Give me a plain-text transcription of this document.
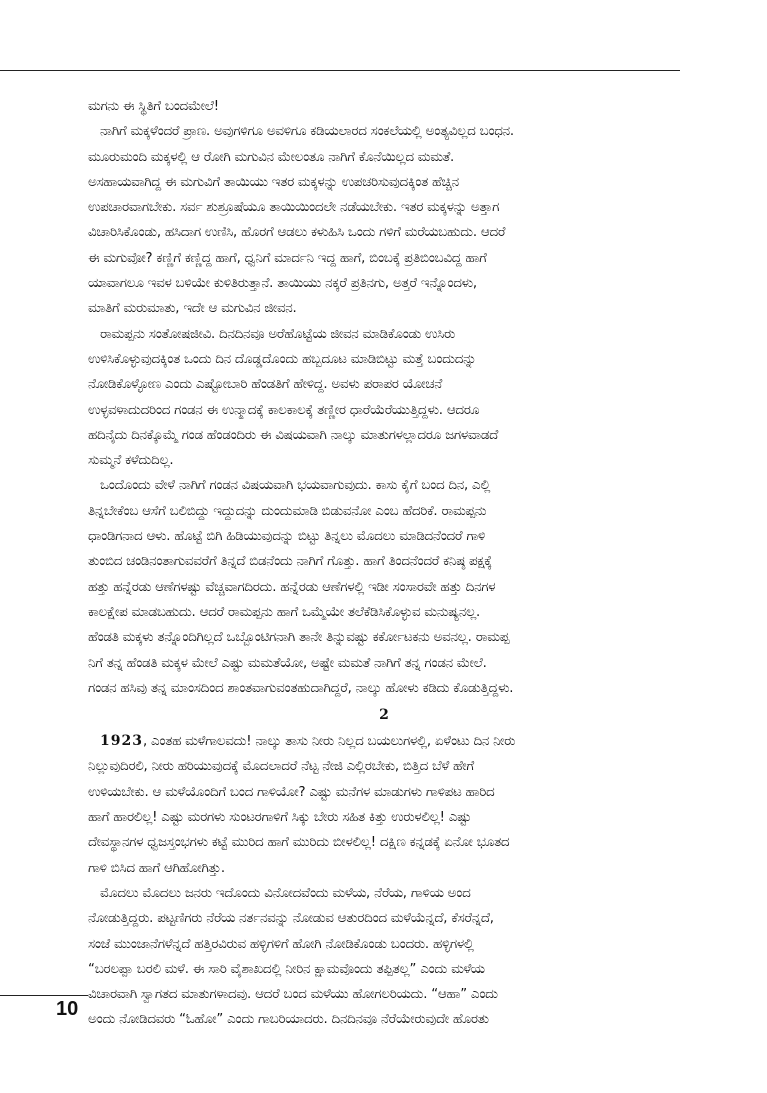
ಮಗನು ಈ ಸ್ಥಿತಿಗೆ ಬಂದಮೇಲೆ!
ನಾಗಿಗೆ ಮಕ್ಕಳೆಂದರೆ ಪ್ರಾಣ. ಅವುಗಳಿಗೂ ಅವಳಿಗೂ ಕಡಿಯಲಾರದ ಸಂಕಲೆಯಲ್ಲಿ ಅಂತ್ಯವಿಲ್ಲದ ಬಂಧನ.
ಮೂರುಮಂದಿ ಮಕ್ಕಳಲ್ಲಿ ಆ ರೋಗಿ ಮಗುವಿನ ಮೇಲಂತೂ ನಾಗಿಗೆ ಕೊನೆಯಿಲ್ಲದ ಮಮತೆ.
ಅಸಹಾಯವಾಗಿದ್ದ ಈ ಮಗುವಿಗೆ ತಾಯಿಯು ಇತರ ಮಕ್ಕಳನ್ನು ಉಪಚರಿಸುವುದಕ್ಕಿಂತ ಹೆಚ್ಚಿನ
ಉಪಚಾರವಾಗಬೇಕು. ಸರ್ವ ಶುಶ್ರೂಷೆಯೂ ತಾಯಿಯಿಂದಲೇ ನಡೆಯಬೇಕು. ಇತರ ಮಕ್ಕಳನ್ನು ಅತ್ತಾಗ
ವಿಚಾರಿಸಿಕೊಂಡು, ಹಸಿದಾಗ ಉಣಿಸಿ, ಹೊರಗೆ ಆಡಲು ಕಳುಹಿಸಿ ಒಂದು ಗಳಿಗೆ ಮರೆಯಬಹುದು. ಆದರೆ
ಈ ಮಗುವೋ? ಕಣ್ಣಿಗೆ ಕಣ್ಣಿದ್ದ ಹಾಗೆ, ಧ್ವನಿಗೆ ಮಾರ್ದನಿ ಇದ್ದ ಹಾಗೆ, ಬಿಂಬಕ್ಕೆ ಪ್ರತಿಬಿಂಬವಿದ್ದ ಹಾಗೆ
ಯಾವಾಗಲೂ ಇವಳ ಬಳಿಯೇ ಕುಳಿತಿರುತ್ತಾನೆ. ತಾಯಿಯು ನಕ್ಕರೆ ಪ್ರತಿನಗು, ಅತ್ತರೆ ಇನ್ನೊಂದಳು,
ಮಾತಿಗೆ ಮರುಮಾತು, ಇದೇ ಆ ಮಗುವಿನ ಜೀವನ.
ರಾಮಪ್ಪನು ಸಂತೋಷಜೀವಿ. ದಿನದಿನವೂ ಅರೆಹೊಟ್ಟೆಯ ಜೀವನ ಮಾಡಿಕೊಂಡು ಉಸಿರು
ಉಳಿಸಿಕೊಳ್ಳುವುದಕ್ಕಿಂತ ಒಂದು ದಿನ ದೊಡ್ಡದೊಂದು ಹಬ್ಬದೂಟ ಮಾಡಿಬಿಟ್ಟು ಮತ್ತೆ ಬಂದುದನ್ನು
ನೋಡಿಕೊಳ್ಳೋಣ ಎಂದು ಎಷ್ಟೋಬಾರಿ ಹೆಂಡತಿಗೆ ಹೇಳಿದ್ದ. ಅವಳು ಪರಾಪರ ಯೋಚನೆ
ಉಳ್ಳವಳಾದುದರಿಂದ ಗಂಡನ ಈ ಉನ್ಮಾದಕ್ಕೆ ಕಾಲಕಾಲಕ್ಕೆ ತಣ್ಣೀರ ಧಾರೆಯೆರೆಯುತ್ತಿದ್ದಳು. ಆದರೂ
ಹದಿನೈದು ದಿನಕ್ಕೊಮ್ಮೆ ಗಂಡ ಹೆಂಡಂದಿರು ಈ ವಿಷಯವಾಗಿ ನಾಲ್ಕು ಮಾತುಗಳಲ್ಲಾದರೂ ಜಗಳವಾಡದೆ
ಸುಮ್ಮನೆ ಕಳೆದುದಿಲ್ಲ.
ಒಂದೊಂದು ವೇಳೆ ನಾಗಿಗೆ ಗಂಡನ ವಿಷಯವಾಗಿ ಭಯವಾಗುವುದು. ಕಾಸು ಕೈಗೆ ಬಂದ ದಿನ, ಎಲ್ಲಿ
ತಿನ್ನಬೇಕೆಂಬ ಆಸೆಗೆ ಬಲಿಬಿದ್ದು ಇದ್ದುದನ್ನು ದುಂದುಮಾಡಿ ಬಿಡುವನೋ ಎಂಬ ಹೆದರಿಕೆ. ರಾಮಪ್ಪನು
ಧಾಂಡಿಗನಾದ ಆಳು. ಹೊಟ್ಟೆ ಬಿಗಿ ಹಿಡಿಯುವುದನ್ನು ಬಿಟ್ಟು ತಿನ್ನಲು ಮೊದಲು ಮಾಡಿದನೆಂದರೆ ಗಾಳಿ
ತುಂಬಿದ ಚಂಡಿನಂತಾಗುವವರೆಗೆ ತಿನ್ನದೆ ಬಿಡನೆಂದು ನಾಗಿಗೆ ಗೊತ್ತು. ಹಾಗೆ ತಿಂದನೆಂದರೆ ಕನಿಷ್ಠ ಪಕ್ಷಕ್ಕೆ
ಹತ್ತು ಹನ್ನೆರಡು ಆಣೆಗಳಷ್ಟು ವೆಚ್ಚವಾಗದಿರದು. ಹನ್ನೆರಡು ಆಣೆಗಳಲ್ಲಿ ಇಡೀ ಸಂಸಾರವೇ ಹತ್ತು ದಿನಗಳ
ಕಾಲಕ್ಷೇಪ ಮಾಡಬಹುದು. ಆದರೆ ರಾಮಪ್ಪನು ಹಾಗೆ ಒಮ್ಮೆಯೇ ತಲೆಕೆಡಿಸಿಕೊಳ್ಳುವ ಮನುಷ್ಯನಲ್ಲ.
ಹೆಂಡತಿ ಮಕ್ಕಳು ತನ್ನೊಂದಿಗಿಲ್ಲದೆ ಒಬ್ಬೊಂಟಿಗನಾಗಿ ತಾನೇ ತಿನ್ನುವಷ್ಟು ಕರ್ಕೋಟಕನು ಅವನಲ್ಲ. ರಾಮಪ್ಪ
ನಿಗೆ ತನ್ನ ಹೆಂಡತಿ ಮಕ್ಕಳ ಮೇಲೆ ಎಷ್ಟು ಮಮತೆಯೋ, ಅಷ್ಟೇ ಮಮತೆ ನಾಗಿಗೆ ತನ್ನ ಗಂಡನ ಮೇಲೆ.
ಗಂಡನ ಹಸಿವು ತನ್ನ ಮಾಂಸದಿಂದ ಶಾಂತವಾಗುವಂತಹುದಾಗಿದ್ದರೆ, ನಾಲ್ಕು ಹೋಳು ಕಡಿದು ಕೊಡುತ್ತಿದ್ದಳು.
2
1923, ಎಂತಹ ಮಳೆಗಾಲವದು! ನಾಲ್ಕು ತಾಸು ನೀರು ನಿಲ್ಲದ ಬಯಲುಗಳಲ್ಲಿ, ಏಳೆಂಟು ದಿನ ನೀರು
ನಿಲ್ಲುವುದಿರಲಿ, ನೀರು ಹರಿಯುವುದಕ್ಕೆ ಮೊದಲಾದರೆ ನೆಟ್ಟ ನೇಜಿ ಎಲ್ಲಿರಬೇಕು, ಬಿತ್ತಿದ ಬೆಳೆ ಹೇಗೆ
ಉಳಿಯಬೇಕು. ಆ ಮಳೆಯೊಂದಿಗೆ ಬಂದ ಗಾಳಿಯೋ? ಎಷ್ಟು ಮನೆಗಳ ಮಾಡುಗಳು ಗಾಳಿಪಟ ಹಾರಿದ
ಹಾಗೆ ಹಾರಲಿಲ್ಲ! ಎಷ್ಟು ಮರಗಳು ಸುಂಟರಗಾಳಿಗೆ ಸಿಕ್ಕು ಬೇರು ಸಹಿತ ಕಿತ್ತು ಉರುಳಲಿಲ್ಲ! ಎಷ್ಟು
ದೇವಸ್ಥಾನಗಳ ಧ್ವಜಸ್ತಂಭಗಳು ಕಟ್ಟೆ ಮುರಿದ ಹಾಗೆ ಮುರಿದು ಬೀಳಲಿಲ್ಲ! ದಕ್ಷಿಣ ಕನ್ನಡಕ್ಕೆ ಏನೋ ಭೂತದ
ಗಾಳಿ ಬಿಸಿದ ಹಾಗೆ ಆಗಿಹೋಗಿತ್ತು.
ಮೊದಲು ಮೊದಲು ಜನರು ಇದೊಂದು ವಿನೋದವೆಂದು ಮಳೆಯ, ನೆರೆಯ, ಗಾಳಿಯ ಅಂದ
ನೋಡುತ್ತಿದ್ದರು. ಪಟ್ಟಣಿಗರು ನೆರೆಯ ನರ್ತನವನ್ನು ನೋಡುವ ಆತುರದಿಂದ ಮಳೆಯೆನ್ನದೆ, ಕೆಸರೆನ್ನದೆ,
ಸಂಜೆ ಮುಂಜಾನೆಗಳೆನ್ನದೆ ಹತ್ತಿರವಿರುವ ಹಳ್ಳಿಗಳಿಗೆ ಹೋಗಿ ನೋಡಿಕೊಂಡು ಬಂದರು. ಹಳ್ಳಿಗಳಲ್ಲಿ
“ಬರಲಪ್ಪಾ ಬರಲಿ ಮಳೆ. ಈ ಸಾರಿ ವೈಶಾಖದಲ್ಲಿ ನೀರಿನ ಕ್ಷಾಮವೊಂದು ತಪ್ಪಿತಲ್ಲ” ಎಂದು ಮಳೆಯ
ವಿಚಾರವಾಗಿ ಸ್ವಾಗತದ ಮಾತುಗಳಾದವು. ಆದರೆ ಬಂದ ಮಳೆಯು ಹೋಗಲರಿಯದು. “ಆಹಾ” ಎಂದು
ಅಂದು ನೋಡಿದವರು “ಓಹೋ” ಎಂದು ಗಾಬರಿಯಾದರು. ದಿನದಿನವೂ ನೆರೆಯೇರುವುದೇ ಹೊರತು
10
